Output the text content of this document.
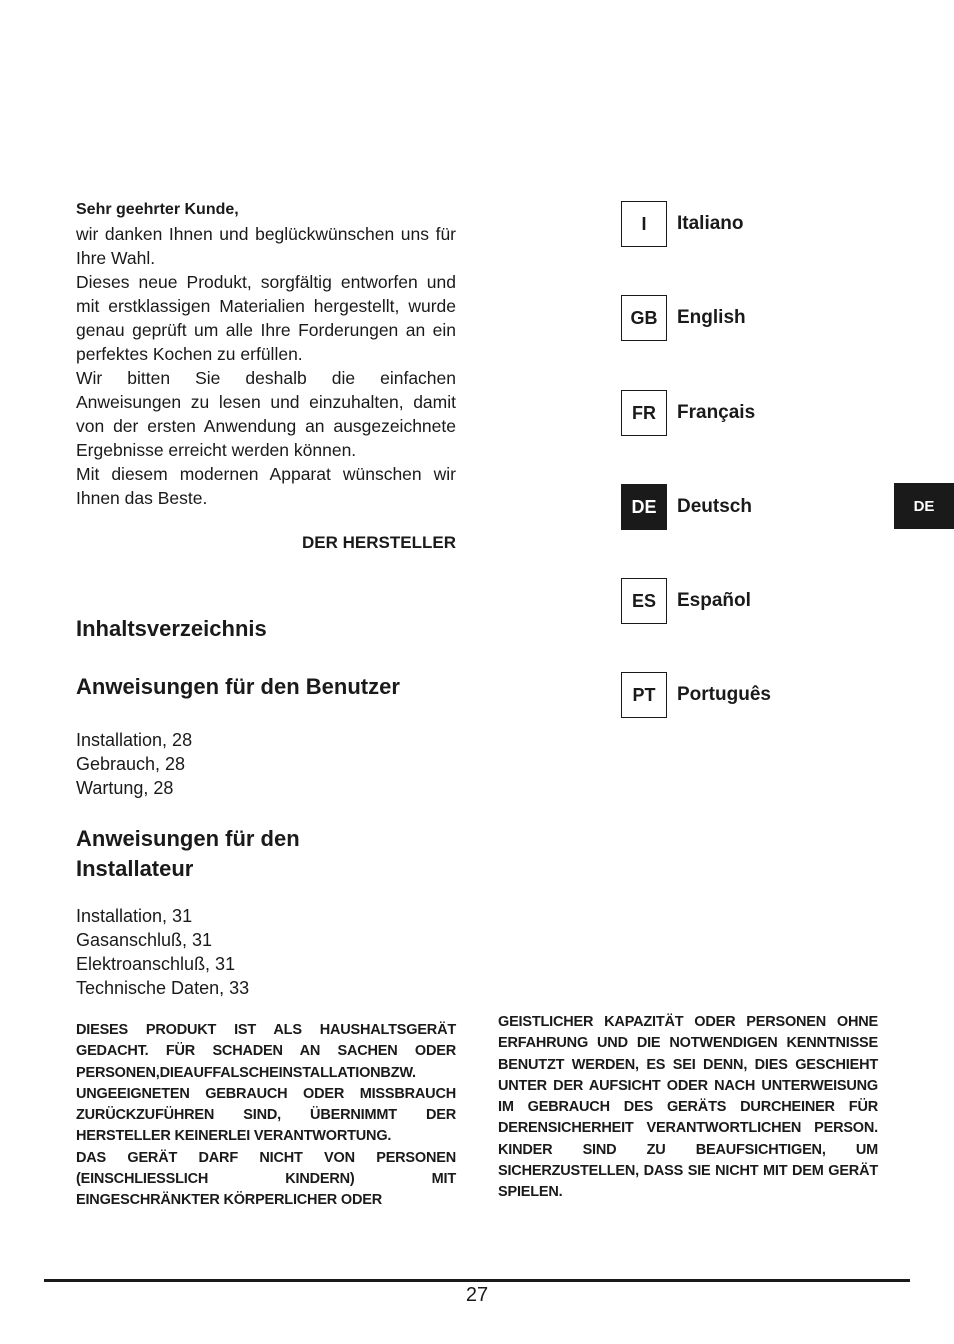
Sehr geehrter Kunde,

wir danken Ihnen und beglückwünschen uns für Ihre Wahl.

Dieses neue Produkt, sorgfältig entworfen und mit erstklassigen Materialien hergestellt, wurde genau geprüft um alle Ihre Forderungen an ein perfektes Kochen zu erfüllen.

Wir bitten Sie deshalb die einfachen Anweisungen zu lesen und einzuhalten, damit von der ersten Anwendung an ausgezeichnete Ergebnisse erreicht werden können.

Mit diesem modernen Apparat wünschen wir Ihnen das Beste.

DER HERSTELLER
Inhaltsverzeichnis
Anweisungen für den Benutzer
Installation, 28
Gebrauch, 28
Wartung, 28
Anweisungen für den
Installateur
Installation, 31
Gasanschluß, 31
Elektroanschluß, 31
Technische Daten, 33

DIESES PRODUKT IST ALS HAUSHALTSGERÄT GEDACHT. FÜR SCHADEN AN SACHEN ODER PERSONEN,DIEAUFFALSCHEINSTALLATIONBZW. UNGEEIGNETEN GEBRAUCH ODER MISSBRAUCH ZURÜCKZUFÜHREN SIND, ÜBERNIMMT DER HERSTELLER KEINERLEI VERANTWORTUNG.

DAS GERÄT DARF NICHT VON PERSONEN (EINSCHLIESSLICH KINDERN) MIT EINGESCHRÄNKTER KÖRPERLICHER ODER

GEISTLICHER KAPAZITÄT ODER PERSONEN OHNE ERFAHRUNG UND DIE NOTWENDIGEN KENNTNISSE BENUTZT WERDEN, ES SEI DENN, DIES GESCHIEHT UNTER DER AUFSICHT ODER NACH UNTERWEISUNG IM GEBRAUCH DES GERÄTS DURCHEINER FÜR DERENSICHERHEIT VERANTWORTLICHEN PERSON. KINDER SIND ZU BEAUFSICHTIGEN, UM SICHERZUSTELLEN, DASS SIE NICHT MIT DEM GERÄT SPIELEN.

I	Italiano
GB	English
FR	Français
DE	Deutsch
ES	Español
PT	Português
DE
27
